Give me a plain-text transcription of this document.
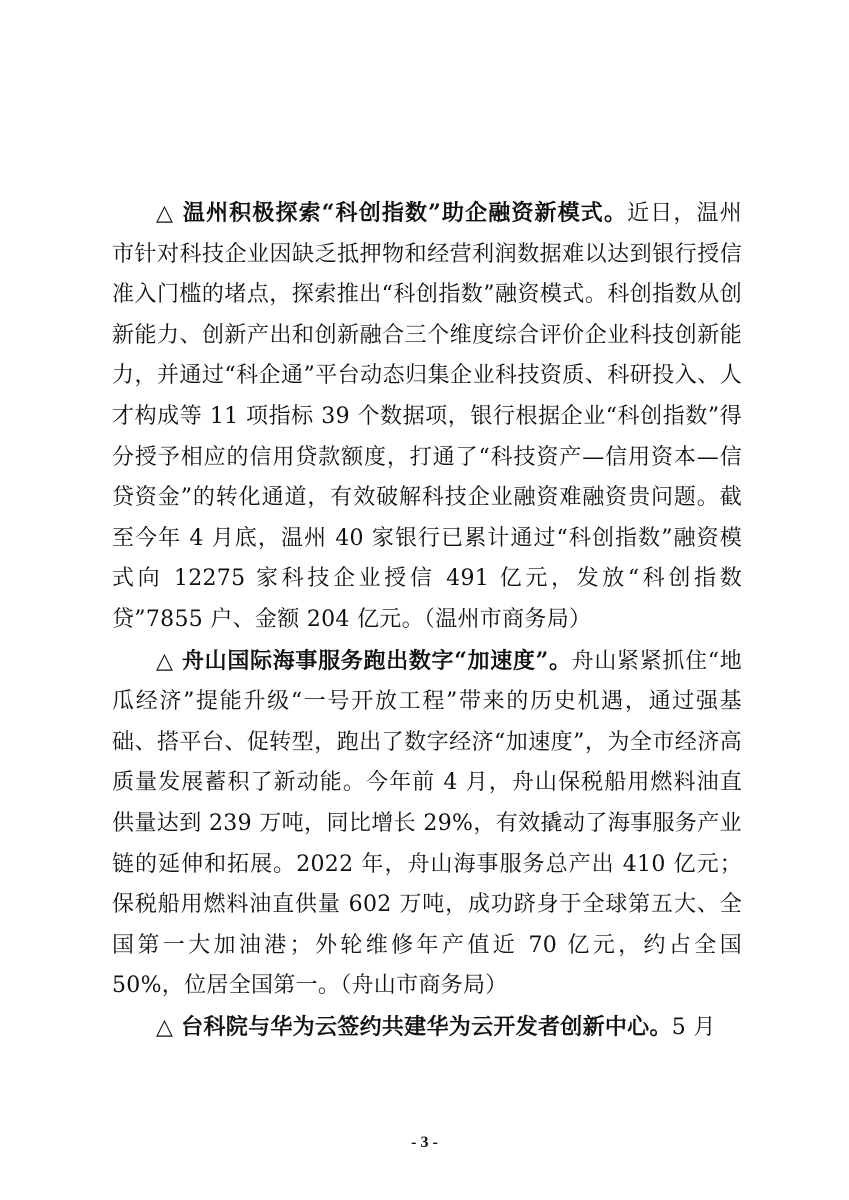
△ 温州积极探索“科创指数”助企融资新模式。近日，温州市针对科技企业因缺乏抵押物和经营利润数据难以达到银行授信准入门槛的堵点，探索推出“科创指数”融资模式。科创指数从创新能力、创新产出和创新融合三个维度综合评价企业科技创新能力，并通过“科企通”平台动态归集企业科技资质、科研投入、人才构成等 11 项指标 39 个数据项，银行根据企业“科创指数”得分授予相应的信用贷款额度，打通了“科技资产—信用资本—信贷资金”的转化通道，有效破解科技企业融资难融资贵问题。截至今年 4 月底，温州 40 家银行已累计通过“科创指数”融资模式向 12275 家科技企业授信 491 亿元，发放“科创指数贷”7855 户、金额 204 亿元。（温州市商务局）

△ 舟山国际海事服务跑出数字“加速度”。舟山紧紧抓住“地瓜经济”提能升级“一号开放工程”带来的历史机遇，通过强基础、搭平台、促转型，跑出了数字经济“加速度”，为全市经济高质量发展蓄积了新动能。今年前 4 月，舟山保税船用燃料油直供量达到 239 万吨，同比增长 29%，有效撬动了海事服务产业链的延伸和拓展。2022 年，舟山海事服务总产出 410 亿元；保税船用燃料油直供量 602 万吨，成功跻身于全球第五大、全国第一大加油港；外轮维修年产值近 70 亿元，约占全国 50%，位居全国第一。（舟山市商务局）

△ 台科院与华为云签约共建华为云开发者创新中心。5 月

- 3 -
